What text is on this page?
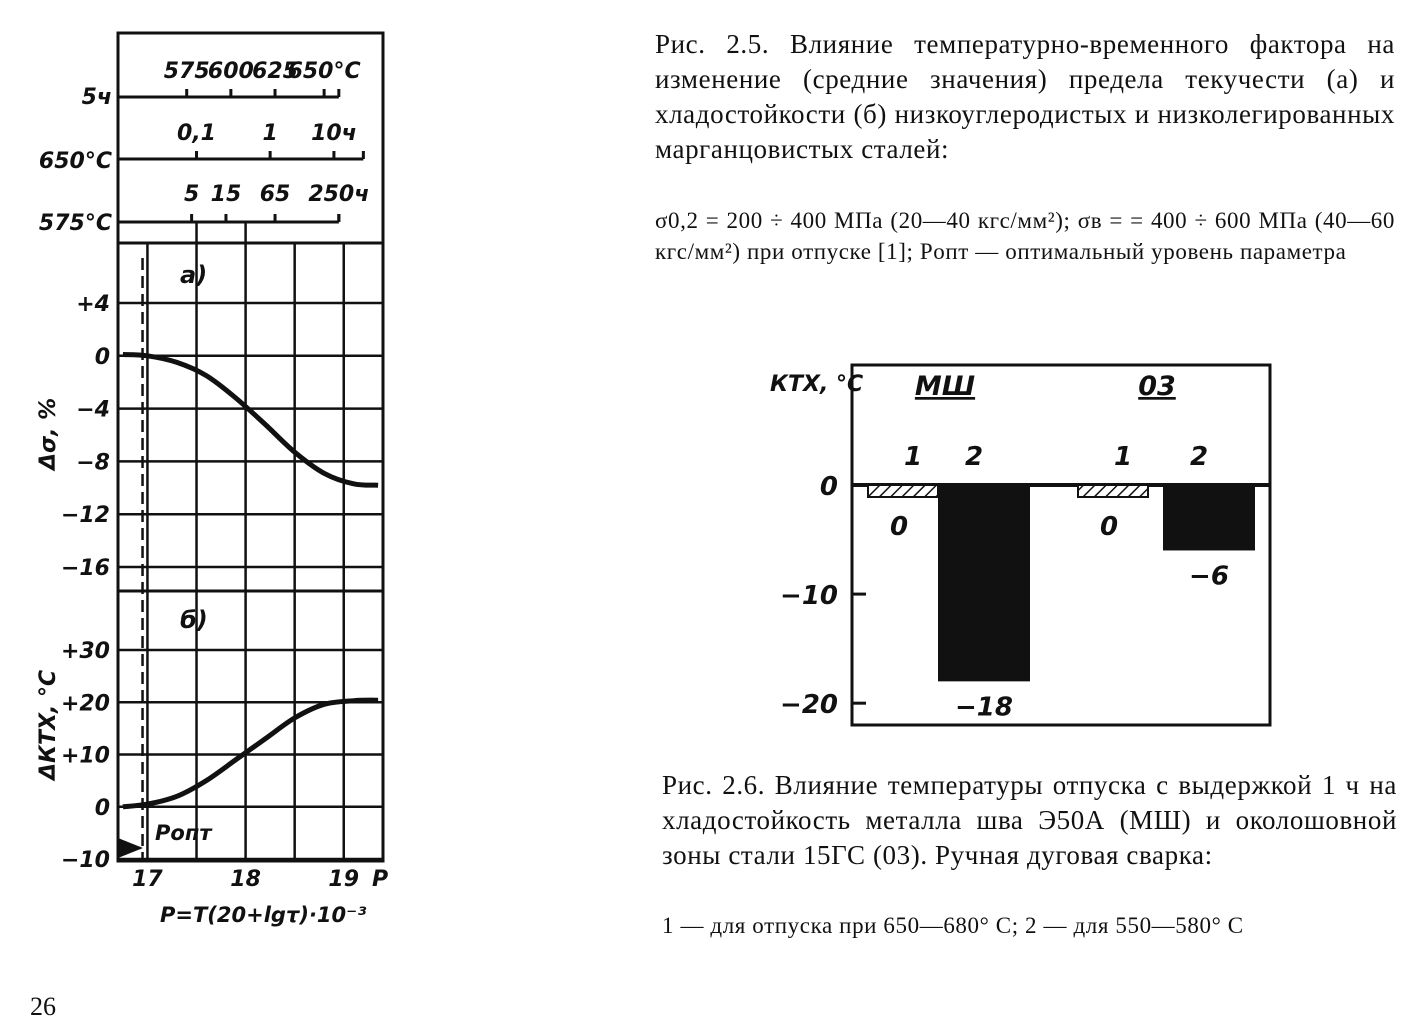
5ч
575
600
625
650°С
650°С
0,1 1 10ч
575°С
5 15 65 250ч
а)
б)
+4
0
−4
−8
−12
−16
+30
+20
+10
0
−10
Δσ, %
ΔКТХ, °С
Pопт
17	18	19 P
P=T(20+lgτ)·10⁻³
Рис. 2.5. Влияние температурно-временного фактора на изменение (средние значения) предела текучести (а) и хладостойкости (б) низкоуглеродистых и низколегированных марганцовистых сталей:
σ0,2 = 200 ÷ 400 МПа (20—40 кгс/мм²); σв = = 400 ÷ 600 МПа (40—60 кгс/мм²) при отпуске [1]; Pопт — оптимальный уровень параметра
КТХ, °С
0
−10
−20
МШ
1
0
2
−18
03
1
0
2
−6
Рис. 2.6. Влияние температуры отпуска с выдержкой 1 ч на хладостойкость металла шва Э50А (МШ) и околошовной зоны стали 15ГС (03). Ручная дуговая сварка:
1 — для отпуска при 650—680° С; 2 — для 550—580° С
26
